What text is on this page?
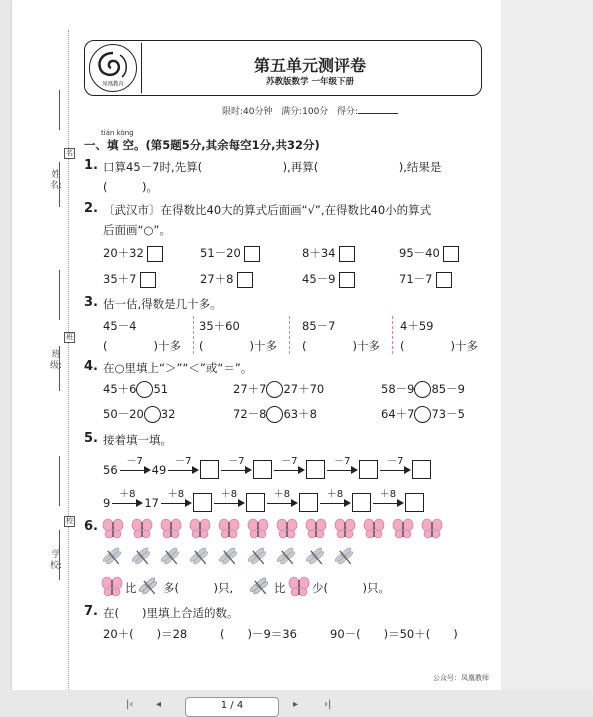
名
姓名:
班
班级:
校
学校:
凤凰教育
第五单元测评卷
苏教版数学 一年级下册
限时:40分钟 满分:100分 得分:
tián kòng
一、填 空。(第5题5分,其余每空1分,共32分)
1. 口算45－7时,先算(　　　　　　　),再算(　　　　　　　),结果是
(　　　)。
2. 〔武汉市〕在得数比40大的算式后面画“√”,在得数比40小的算式
后面画“○”。
20＋32	51－20	8＋34	95－40
35＋7	27＋8	45－9	71－7
3. 估一估,得数是几十多。
45－4	35＋60	85－7	4＋59
(　　　　)十多 (　　　　)十多 (　　　　)十多 (　　　　)十多
4. 在○里填上“＞”“＜”或“＝”。
45＋6 51	27＋7 27＋70	58－9 85－9
50－20 32	72－8 63＋8	64＋7 73－5
5. 接着填一填。
56
－7
49
－7	－7	－7	－7	－7
9
＋8
17
＋8	＋8	＋8	＋8	＋8
6.
比 多(　　　)只,	比 少(　　　)只。
7. 在(　　)里填上合适的数。
20＋(　　)＝28	(　　)－9＝36	90－(　　)＝50＋(　　)
公众号：凤凰教师
|‹ ◂	1 / 4	▸	›|
